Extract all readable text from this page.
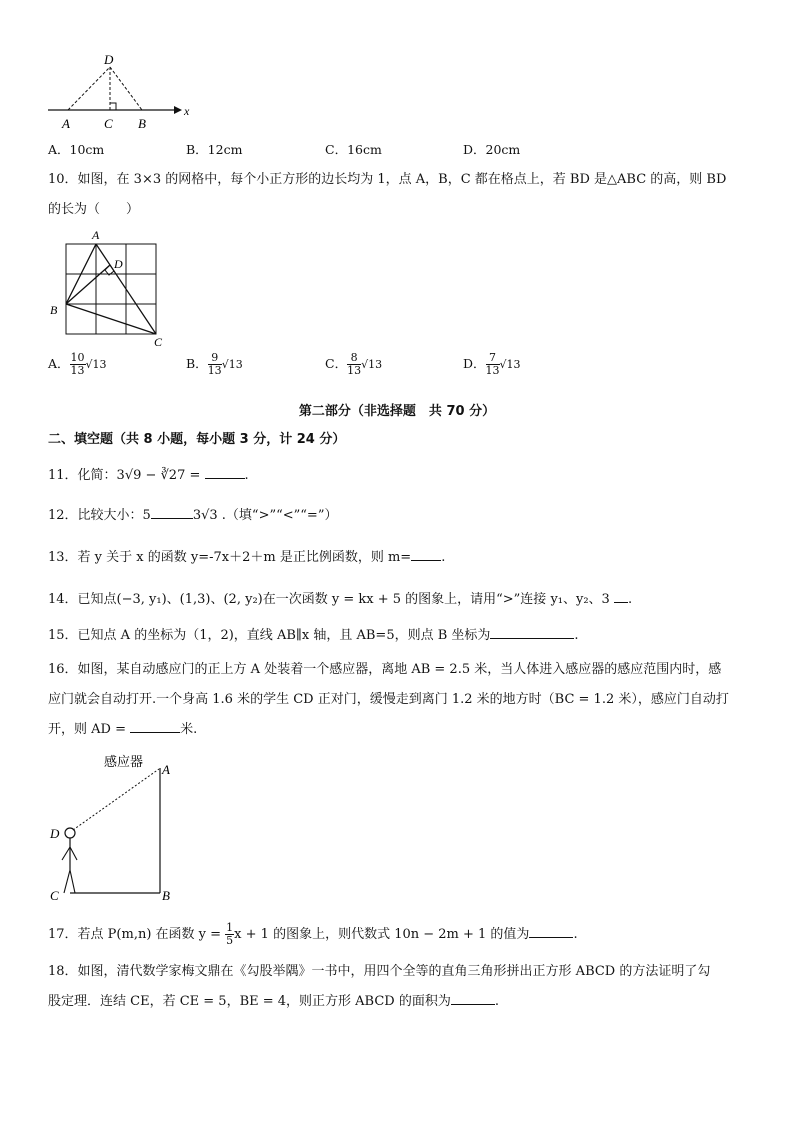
D
A	C B
x
A．10cm	B．12cm	C．16cm	D．20cm
10．如图，在 3×3 的网格中，每个小正方形的边长均为 1，点 A，B，C 都在格点上，若 BD 是△ABC 的高，则 BD
的长为（　　）
A
D
B
C
A． $\frac{10}{13} √13$	B． $\frac{9}{13} √13$	C． $\frac{8}{13} √13$	D． $\frac{7}{13} √13$
第二部分（非选择题　共 70 分）
二、填空题（共 8 小题，每小题 3 分，计 24 分）
11．化简：3√9 − ∛27 =	.
12．比较大小：5	3√3 .（填“>”“<”“=”）
13．若 y 关于 x 的函数 y=-7x＋2＋m 是正比例函数，则 m= .
14．已知点(−3, y₁)、(1,3)、(2, y₂)在一次函数 y = kx + 5 的图象上，请用“>”连接 y₁、y₂、3 .
15．已知点 A 的坐标为（1，2)，直线 AB∥x 轴，且 AB=5，则点 B 坐标为	.
16．如图，某自动感应门的正上方 A 处装着一个感应器，离地 AB = 2.5 米，当人体进入感应器的感应范围内时，感
应门就会自动打开.一个身高 1.6 米的学生 CD 正对门，缓慢走到离门 1.2 米的地方时（BC = 1.2 米），感应门自动打
开，则 AD =	米.
感应器 A
D
C	B
17．若点 P(m,n) 在函数 $y = \frac{1}{5}$ x + 1 的图象上，则代数式 10n − 2m + 1 的值为	.
18．如图，清代数学家梅文鼎在《勾股举隅》一书中，用四个全等的直角三角形拼出正方形 ABCD 的方法证明了勾
股定理．连结 CE，若 CE = 5，BE = 4，则正方形 ABCD 的面积为	.
